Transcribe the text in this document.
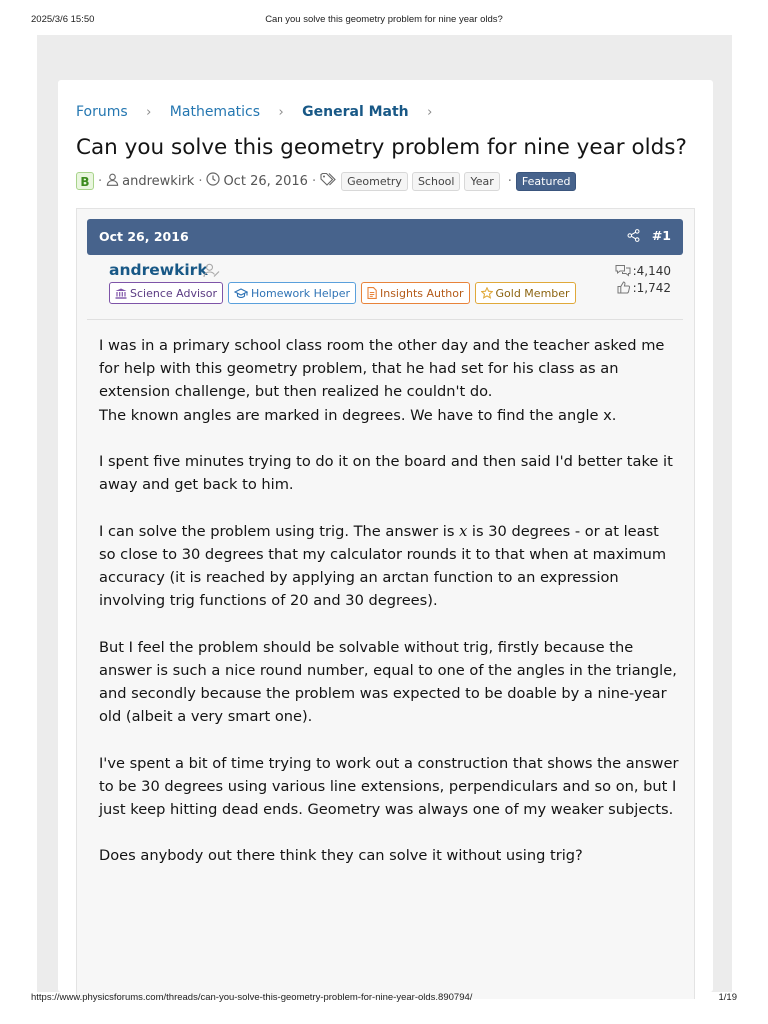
2025/3/6 15:50	Can you solve this geometry problem for nine year olds?
Forums › Mathematics › General Math ›
Can you solve this geometry problem for nine year olds?
B · andrewkirk · Oct 26, 2016 ·	Geometry	School	Year	· Featured
Oct 26, 2016	#1
andrewkirk
Science Advisor	Homework Helper	Insights Author	Gold Member
:4,140
:1,742

I was in a primary school class room the other day and the teacher asked me for help with this geometry problem, that he had set for his class as an extension challenge, but then realized he couldn't do.
The known angles are marked in degrees. We have to find the angle x.

I spent five minutes trying to do it on the board and then said I'd better take it away and get back to him.

I can solve the problem using trig. The answer is x is 30 degrees - or at least so close to 30 degrees that my calculator rounds it to that when at maximum accuracy (it is reached by applying an arctan function to an expression involving trig functions of 20 and 30 degrees).

But I feel the problem should be solvable without trig, firstly because the answer is such a nice round number, equal to one of the angles in the triangle, and secondly because the problem was expected to be doable by a nine-year old (albeit a very smart one).

I've spent a bit of time trying to work out a construction that shows the answer to be 30 degrees using various line extensions, perpendiculars and so on, but I just keep hitting dead ends. Geometry was always one of my weaker subjects.

Does anybody out there think they can solve it without using trig?

https://www.physicsforums.com/threads/can-you-solve-this-geometry-problem-for-nine-year-olds.890794/	1/19
